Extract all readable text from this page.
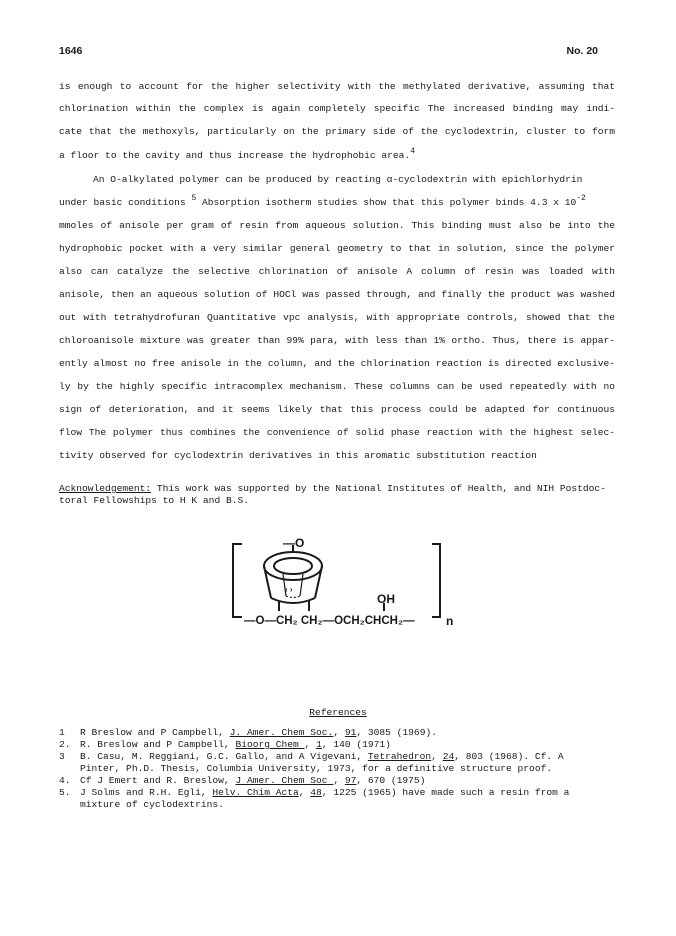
1646	No. 20
is enough to account for the higher selectivity with the methylated derivative, assuming that
chlorination within the complex is again completely specific The increased binding may indi-
cate that the methoxyls, particularly on the primary side of the cyclodextrin, cluster to form
a floor to the cavity and thus increase the hydrophobic area.$^4$
An O-alkylated polymer can be produced by reacting α-cyclodextrin with epichlorhydrin
under basic conditions $^5$ Absorption isotherm studies show that this polymer binds 4.3 x $10^{-2}$
mmoles of anisole per gram of resin from aqueous solution. This binding must also be into the
hydrophobic pocket with a very similar general geometry to that in solution, since the polymer
also can catalyze the selective chlorination of anisole A column of resin was loaded with
anisole, then an aqueous solution of HOCl was passed through, and finally the product was washed
out with tetrahydrofuran Quantitative vpc analysis, with appropriate controls, showed that the
chloroanisole mixture was greater than 99% para, with less than 1% ortho. Thus, there is appar-
ently almost no free anisole in the column, and the chlorination reaction is directed exclusive-
ly by the highly specific intracomplex mechanism. These columns can be used repeatedly with no
sign of deterioration, and it seems likely that this process could be adapted for continuous
flow The polymer thus combines the convenience of solid phase reaction with the highest selec-
tivity observed for cyclodextrin derivatives in this aromatic substitution reaction
Acknowledgement: This work was supported by the National Institutes of Health, and NIH Postdoc-
toral Fellowships to H K and B.S.
—O
OH
—O—CH₂ CH₂—OCH₂CHCH₂—	n
‹ ›
References
1	R Breslow and P Campbell, J. Amer. Chem Soc., 91, 3085 (1969).
2. R. Breslow and P Campbell, Bioorg Chem , 1, 140 (1971)
3	B. Casu, M. Reggiani, G.C. Gallo, and A Vigevani, Tetrahedron, 24, 803 (1968). Cf. A
Pinter, Ph.D. Thesis, Columbia University, 1973, for a definitive structure proof.
4. Cf J Emert and R. Breslow, J Amer. Chem Soc , 97, 670 (1975)
5. J Solms and R.H. Egli, Helv. Chim Acta, 48, 1225 (1965) have made such a resin from a
mixture of cyclodextrins.
